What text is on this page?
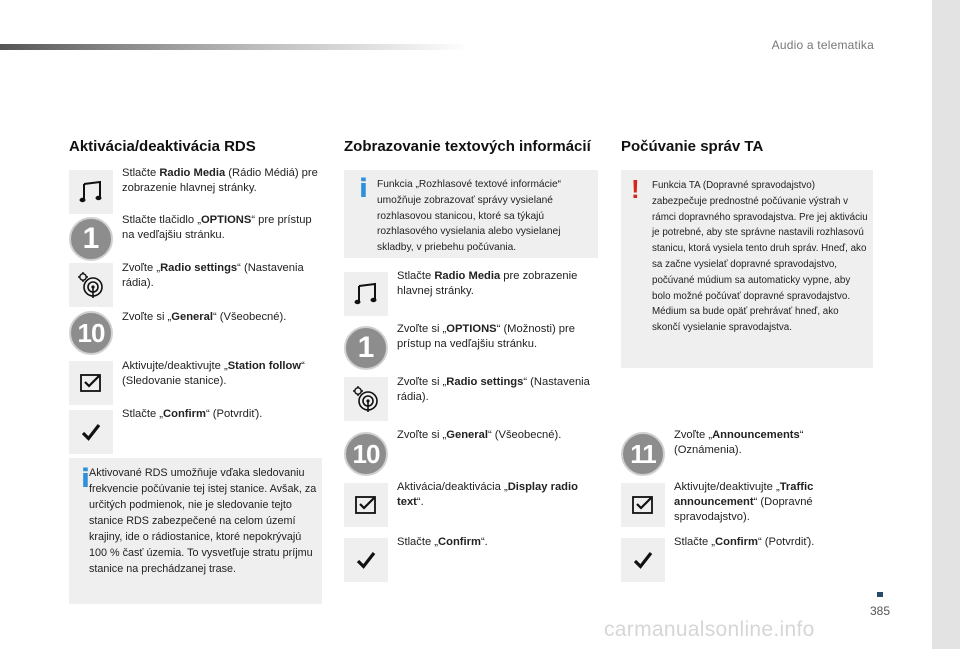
Audio a telematika
385
carmanualsonline.info
Aktivácia/deaktivácia RDS
Stlačte Radio Media (Rádio Médiá) pre zobrazenie hlavnej stránky.
1
Stlačte tlačidlo „OPTIONS“ pre prístup na vedľajšiu stránku.
Zvoľte „Radio settings“ (Nastavenia rádia).
10
Zvoľte si „General“ (Všeobecné).
Aktivujte/deaktivujte „Station follow“ (Sledovanie stanice).
Stlačte „Confirm“ (Potvrdiť).
i Aktivované RDS umožňuje vďaka sledovaniu frekvencie počúvanie tej istej stanice. Avšak, za určitých podmienok, nie je sledovanie tejto stanice RDS zabezpečené na celom území krajiny, ide o rádiostanice, ktoré nepokrývajú 100 % časť územia. To vysvetľuje stratu príjmu stanice na prechádzanej trase.
Zobrazovanie textových informácií
i Funkcia „Rozhlasové textové informácie“ umožňuje zobrazovať správy vysielané rozhlasovou stanicou, ktoré sa týkajú rozhlasového vysielania alebo vysielanej skladby, v priebehu počúvania.
Stlačte Radio Media pre zobrazenie hlavnej stránky.
1
Zvoľte si „OPTIONS“ (Možnosti) pre prístup na vedľajšiu stránku.
Zvoľte si „Radio settings“ (Nastavenia rádia).
10
Zvoľte si „General“ (Všeobecné).
Aktivácia/deaktivácia „Display radio text“.
Stlačte „Confirm“.
Počúvanie správ TA
! Funkcia TA (Dopravné spravodajstvo) zabezpečuje prednostné počúvanie výstrah v rámci dopravného spravodajstva. Pre jej aktiváciu je potrebné, aby ste správne nastavili rozhlasovú stanicu, ktorá vysiela tento druh správ. Hneď, ako sa začne vysielať dopravné spravodajstvo, počúvané múdium sa automaticky vypne, aby bolo možné počúvať dopravné spravodajstvo. Médium sa bude opäť prehrávať hneď, ako skončí vysielanie spravodajstva.
11
Zvoľte „Announcements“ (Oznámenia).
Aktivujte/deaktivujte „Traffic announcement“ (Dopravné spravodajstvo).
Stlačte „Confirm“ (Potvrdiť).
